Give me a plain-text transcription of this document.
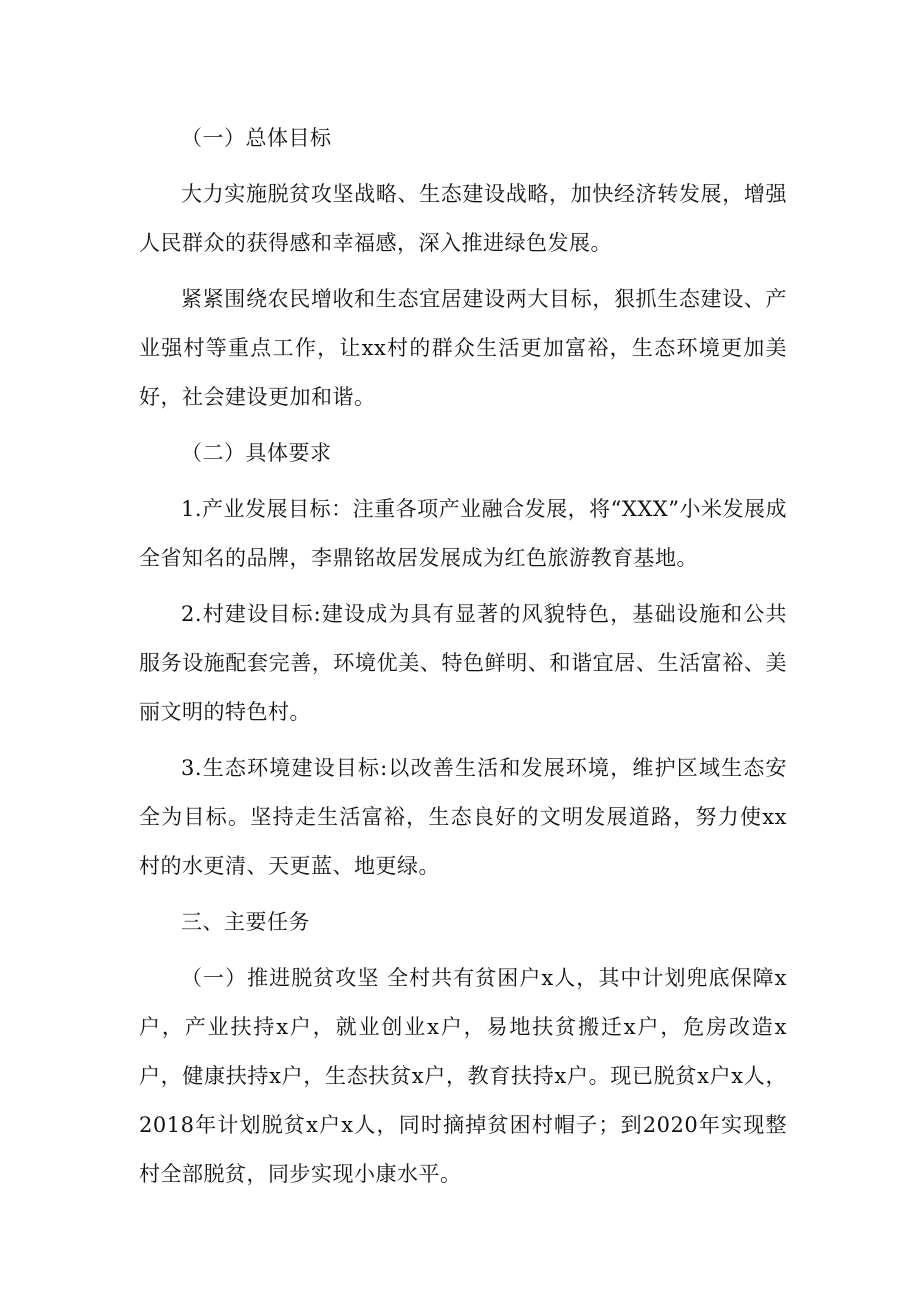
（一）总体目标

大力实施脱贫攻坚战略、生态建设战略，加快经济转发展，增强人民群众的获得感和幸福感，深入推进绿色发展。

紧紧围绕农民增收和生态宜居建设两大目标，狠抓生态建设、产业强村等重点工作，让xx村的群众生活更加富裕，生态环境更加美好，社会建设更加和谐。

（二）具体要求

1.产业发展目标：注重各项产业融合发展，将“XXX”小米发展成全省知名的品牌，李鼎铭故居发展成为红色旅游教育基地。

2.村建设目标:建设成为具有显著的风貌特色，基础设施和公共服务设施配套完善，环境优美、特色鲜明、和谐宜居、生活富裕、美丽文明的特色村。

3.生态环境建设目标:以改善生活和发展环境，维护区域生态安全为目标。坚持走生活富裕，生态良好的文明发展道路，努力使xx村的水更清、天更蓝、地更绿。

三、主要任务

（一）推进脱贫攻坚 全村共有贫困户x人，其中计划兜底保障x户，产业扶持x户，就业创业x户，易地扶贫搬迁x户，危房改造x户，健康扶持x户，生态扶贫x户，教育扶持x户。现已脱贫x户x人，2018年计划脱贫x户x人，同时摘掉贫困村帽子；到2020年实现整村全部脱贫，同步实现小康水平。
